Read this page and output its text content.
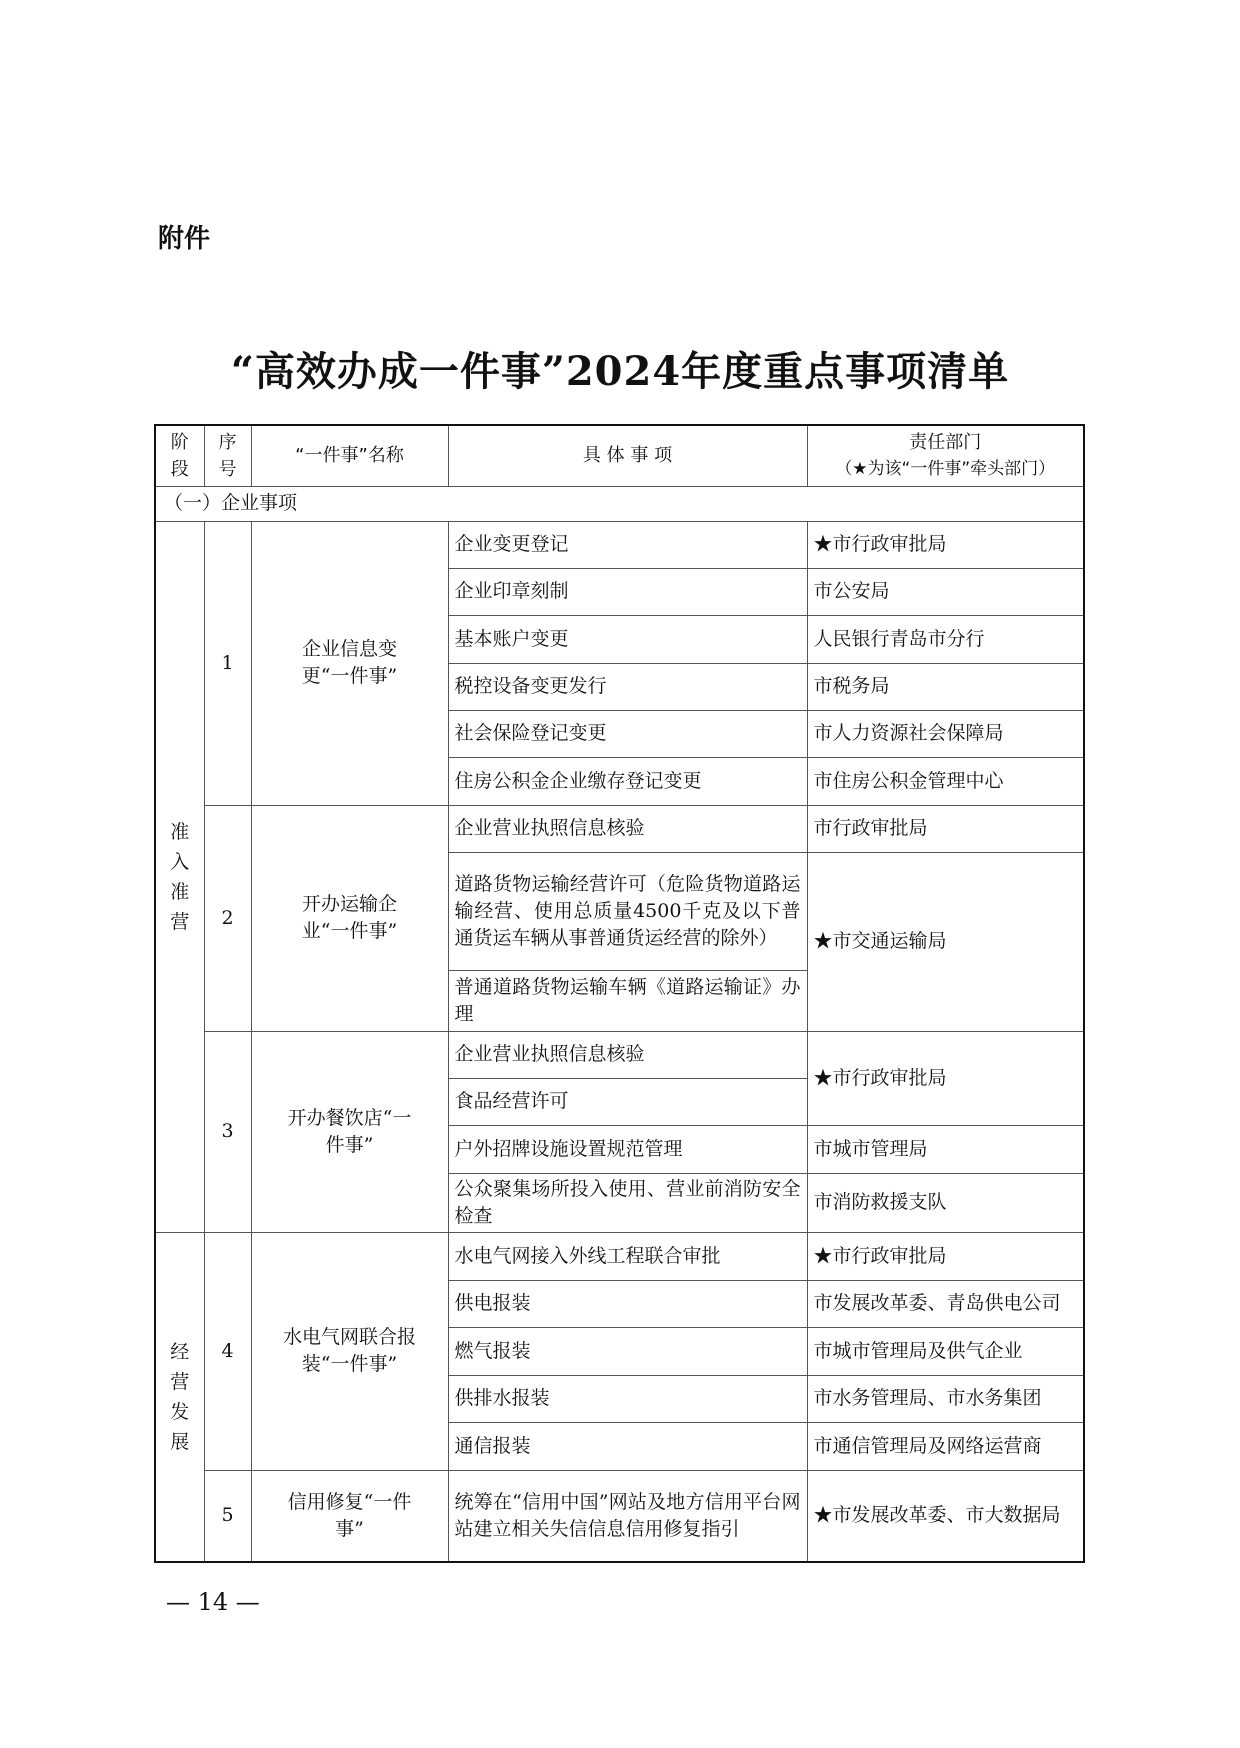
附件
“高效办成一件事”2024年度重点事项清单
阶段	序号	“一件事”名称	具 体 事 项	责任部门
（★为该“一件事”牵头部门）

（一）企业事项				
准入准营	1	企业信息变更“一件事”	企业变更登记	★市行政审批局
			企业印章刻制	市公安局
			基本账户变更	人民银行青岛市分行
			税控设备变更发行	市税务局
			社会保险登记变更	市人力资源社会保障局
			住房公积金企业缴存登记变更	市住房公积金管理中心
	2	开办运输企业“一件事”	企业营业执照信息核验	市行政审批局
			道路货物运输经营许可（危险货物道路运输经营、使用总质量4500千克及以下普通货运车辆从事普通货运经营的除外）	★市交通运输局
			普通道路货物运输车辆《道路运输证》办理	
	3	开办餐饮店“一件事”	企业营业执照信息核验	★市行政审批局
			食品经营许可	
			户外招牌设施设置规范管理	市城市管理局
			公众聚集场所投入使用、营业前消防安全检查	市消防救援支队
经营发展	4	水电气网联合报装“一件事”	水电气网接入外线工程联合审批	★市行政审批局
			供电报装	市发展改革委、青岛供电公司
			燃气报装	市城市管理局及供气企业
			供排水报装	市水务管理局、市水务集团
			通信报装	市通信管理局及网络运营商
	5	信用修复“一件事”	统筹在“信用中国”网站及地方信用平台网站建立相关失信信息信用修复指引	★市发展改革委、市大数据局
— 14 —
